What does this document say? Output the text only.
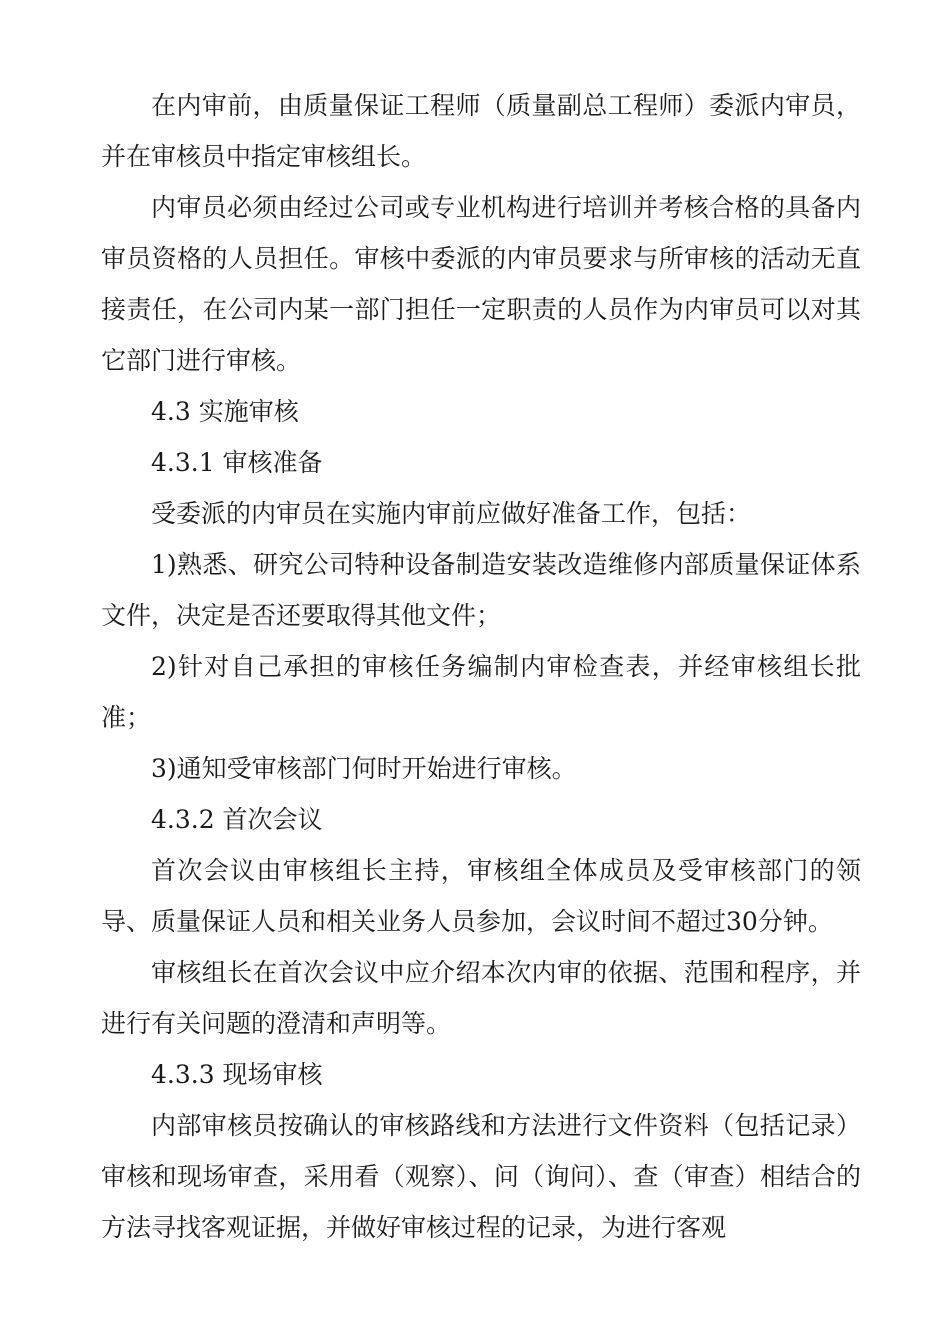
在内审前，由质量保证工程师（质量副总工程师）委派内审员，并在审核员中指定审核组长。

内审员必须由经过公司或专业机构进行培训并考核合格的具备内审员资格的人员担任。审核中委派的内审员要求与所审核的活动无直接责任，在公司内某一部门担任一定职责的人员作为内审员可以对其它部门进行审核。

4.3 实施审核

4.3.1 审核准备

受委派的内审员在实施内审前应做好准备工作，包括：

1)熟悉、研究公司特种设备制造安装改造维修内部质量保证体系文件，决定是否还要取得其他文件；

2)针对自己承担的审核任务编制内审检查表，并经审核组长批准；

3)通知受审核部门何时开始进行审核。

4.3.2 首次会议

首次会议由审核组长主持，审核组全体成员及受审核部门的领导、质量保证人员和相关业务人员参加，会议时间不超过30分钟。

审核组长在首次会议中应介绍本次内审的依据、范围和程序，并进行有关问题的澄清和声明等。

4.3.3 现场审核

内部审核员按确认的审核路线和方法进行文件资料（包括记录）审核和现场审查，采用看（观察）、问（询问）、查（审查）相结合的方法寻找客观证据，并做好审核过程的记录，为进行客观
